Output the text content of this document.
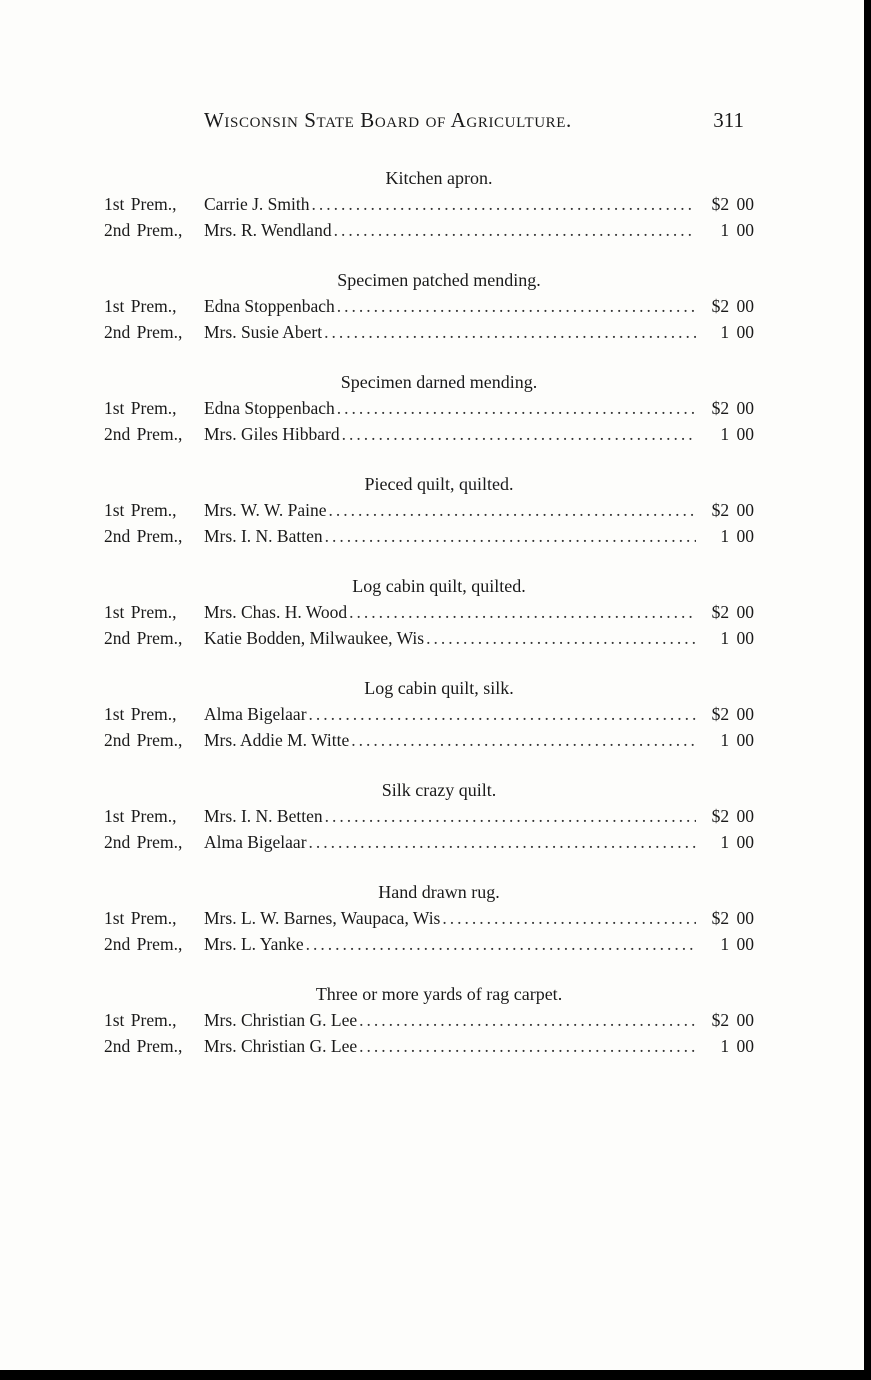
Wisconsin State Board of Agriculture.	311
Kitchen apron.
1st Prem.,	Carrie J. Smith .....	$2 00
2nd Prem.,	Mrs. R. Wendland .....	1 00
Specimen patched mending.
1st Prem.,	Edna Stoppenbach .....	$2 00
2nd Prem.,	Mrs. Susie Abert .....	1 00
Specimen darned mending.
1st Prem.,	Edna Stoppenbach .....	$2 00
2nd Prem.,	Mrs. Giles Hibbard .....	1 00
Pieced quilt, quilted.
1st Prem.,	Mrs. W. W. Paine .....	$2 00
2nd Prem.,	Mrs. I. N. Batten .....	1 00
Log cabin quilt, quilted.
1st Prem.,	Mrs. Chas. H. Wood .....	$2 00
2nd Prem.,	Katie Bodden, Milwaukee, Wis .....	1 00
Log cabin quilt, silk.
1st Prem.,	Alma Bigelaar .....	$2 00
2nd Prem.,	Mrs. Addie M. Witte .....	1 00
Silk crazy quilt.
1st Prem.,	Mrs. I. N. Betten .....	$2 00
2nd Prem.,	Alma Bigelaar .....	1 00
Hand drawn rug.
1st Prem.,	Mrs. L. W. Barnes, Waupaca, Wis .....	$2 00
2nd Prem.,	Mrs. L. Yanke .....	1 00
Three or more yards of rag carpet.
1st Prem.,	Mrs. Christian G. Lee .....	$2 00
2nd Prem.,	Mrs. Christian G. Lee .....	1 00
